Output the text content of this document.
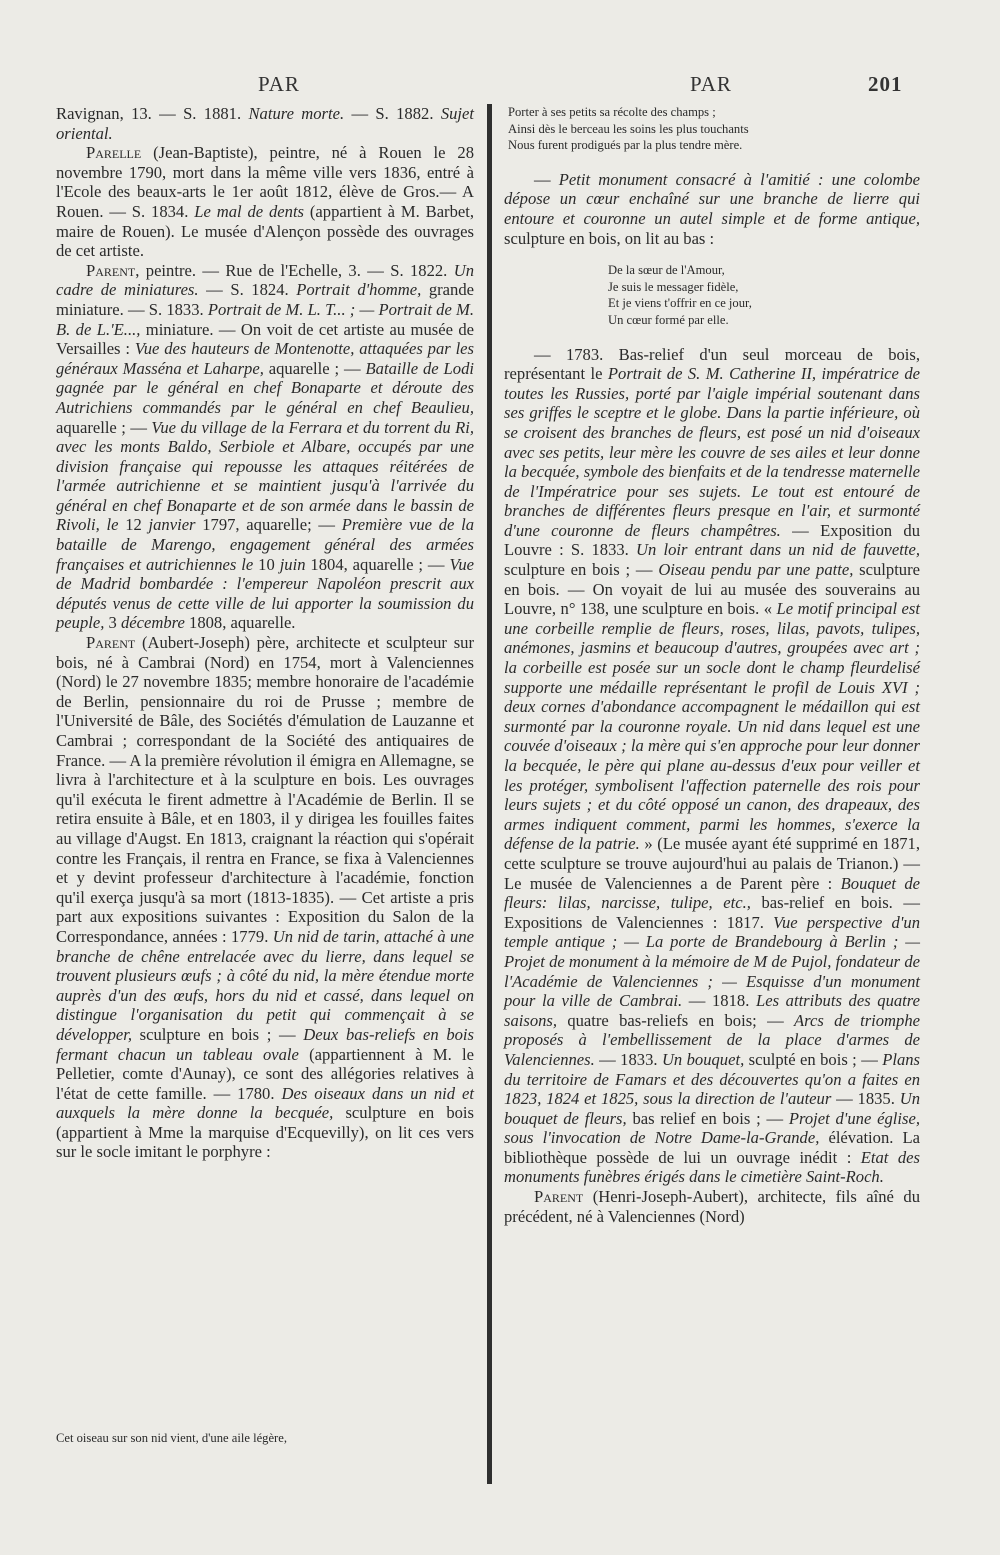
PAR	PAR	201

Ravignan, 13. — S. 1881. Nature morte. — S. 1882. Sujet oriental.

Parelle (Jean-Baptiste), peintre, né à Rouen le 28 novembre 1790, mort dans la même ville vers 1836, entré à l'Ecole des beaux-arts le 1er août 1812, élève de Gros.— A Rouen. — S. 1834. Le mal de dents (appartient à M. Barbet, maire de Rouen). Le musée d'Alençon possède des ouvrages de cet artiste.

Parent, peintre. — Rue de l'Echelle, 3. — S. 1822. Un cadre de miniatures. — S. 1824. Portrait d'homme, grande miniature. — S. 1833. Portrait de M. L. T... ; — Portrait de M. B. de L.'E..., miniature. — On voit de cet artiste au musée de Versailles : Vue des hauteurs de Montenotte, attaquées par les généraux Masséna et Laharpe, aquarelle ; — Bataille de Lodi gagnée par le général en chef Bonaparte et déroute des Autrichiens commandés par le général en chef Beaulieu, aquarelle ; — Vue du village de la Ferrara et du torrent du Ri, avec les monts Baldo, Serbiole et Albare, occupés par une division française qui repousse les attaques réitérées de l'armée autrichienne et se maintient jusqu'à l'arrivée du général en chef Bonaparte et de son armée dans le bassin de Rivoli, le 12 janvier 1797, aquarelle; — Première vue de la bataille de Marengo, engagement général des armées françaises et autrichiennes le 10 juin 1804, aquarelle ; — Vue de Madrid bombardée : l'empereur Napoléon prescrit aux députés venus de cette ville de lui apporter la soumission du peuple, 3 décembre 1808, aquarelle.

Parent (Aubert-Joseph) père, architecte et sculpteur sur bois, né à Cambrai (Nord) en 1754, mort à Valenciennes (Nord) le 27 novembre 1835; membre honoraire de l'académie de Berlin, pensionnaire du roi de Prusse ; membre de l'Université de Bâle, des Sociétés d'émulation de Lauzanne et Cambrai ; correspondant de la Société des antiquaires de France. — A la première révolution il émigra en Allemagne, se livra à l'architecture et à la sculpture en bois. Les ouvrages qu'il exécuta le firent admettre à l'Académie de Berlin. Il se retira ensuite à Bâle, et en 1803, il y dirigea les fouilles faites au village d'Augst. En 1813, craignant la réaction qui s'opérait contre les Français, il rentra en France, se fixa à Valenciennes et y devint professeur d'architecture à l'académie, fonction qu'il exerça jusqu'à sa mort (1813-1835). — Cet artiste a pris part aux expositions suivantes : Exposition du Salon de la Correspondance, années : 1779. Un nid de tarin, attaché à une branche de chêne entrelacée avec du lierre, dans lequel se trouvent plusieurs œufs ; à côté du nid, la mère étendue morte auprès d'un des œufs, hors du nid et cassé, dans lequel on distingue l'organisation du petit qui commençait à se développer, sculpture en bois ; — Deux bas-reliefs en bois fermant chacun un tableau ovale (appartiennent à M. le Pelletier, comte d'Aunay), ce sont des allégories relatives à l'état de cette famille. — 1780. Des oiseaux dans un nid et auxquels la mère donne la becquée, sculpture en bois (appartient à Mme la marquise d'Ecquevilly), on lit ces vers sur le socle imitant le porphyre :

Cet oiseau sur son nid vient, d'une aile légère,

Porter à ses petits sa récolte des champs ;

Ainsi dès le berceau les soins les plus touchants

Nous furent prodigués par la plus tendre mère.

— Petit monument consacré à l'amitié : une colombe dépose un cœur enchaîné sur une branche de lierre qui entoure et couronne un autel simple et de forme antique, sculpture en bois, on lit au bas :

De la sœur de l'Amour,

Je suis le messager fidèle,

Et je viens t'offrir en ce jour,

Un cœur formé par elle.

— 1783. Bas-relief d'un seul morceau de bois, représentant le Portrait de S. M. Catherine II, impératrice de toutes les Russies, porté par l'aigle impérial soutenant dans ses griffes le sceptre et le globe. Dans la partie inférieure, où se croisent des branches de fleurs, est posé un nid d'oiseaux avec ses petits, leur mère les couvre de ses ailes et leur donne la becquée, symbole des bienfaits et de la tendresse maternelle de l'Impératrice pour ses sujets. Le tout est entouré de branches de différentes fleurs presque en l'air, et surmonté d'une couronne de fleurs champêtres. — Exposition du Louvre : S. 1833. Un loir entrant dans un nid de fauvette, sculpture en bois ; — Oiseau pendu par une patte, sculpture en bois. — On voyait de lui au musée des souverains au Louvre, n° 138, une sculpture en bois. « Le motif principal est une corbeille remplie de fleurs, roses, lilas, pavots, tulipes, anémones, jasmins et beaucoup d'autres, groupées avec art ; la corbeille est posée sur un socle dont le champ fleurdelisé supporte une médaille représentant le profil de Louis XVI ; deux cornes d'abondance accompagnent le médaillon qui est surmonté par la couronne royale. Un nid dans lequel est une couvée d'oiseaux ; la mère qui s'en approche pour leur donner la becquée, le père qui plane au-dessus d'eux pour veiller et les protéger, symbolisent l'affection paternelle des rois pour leurs sujets ; et du côté opposé un canon, des drapeaux, des armes indiquent comment, parmi les hommes, s'exerce la défense de la patrie. » (Le musée ayant été supprimé en 1871, cette sculpture se trouve aujourd'hui au palais de Trianon.) — Le musée de Valenciennes a de Parent père : Bouquet de fleurs: lilas, narcisse, tulipe, etc., bas-relief en bois. — Expositions de Valenciennes : 1817. Vue perspective d'un temple antique ; — La porte de Brandebourg à Berlin ; — Projet de monument à la mémoire de M de Pujol, fondateur de l'Académie de Valenciennes ; — Esquisse d'un monument pour la ville de Cambrai. — 1818. Les attributs des quatre saisons, quatre bas-reliefs en bois; — Arcs de triomphe proposés à l'embellissement de la place d'armes de Valenciennes. — 1833. Un bouquet, sculpté en bois ; — Plans du territoire de Famars et des découvertes qu'on a faites en 1823, 1824 et 1825, sous la direction de l'auteur — 1835. Un bouquet de fleurs, bas relief en bois ; — Projet d'une église, sous l'invocation de Notre Dame-la-Grande, élévation. La bibliothèque possède de lui un ouvrage inédit : Etat des monuments funèbres érigés dans le cimetière Saint-Roch.

Parent (Henri-Joseph-Aubert), architecte, fils aîné du précédent, né à Valenciennes (Nord)
